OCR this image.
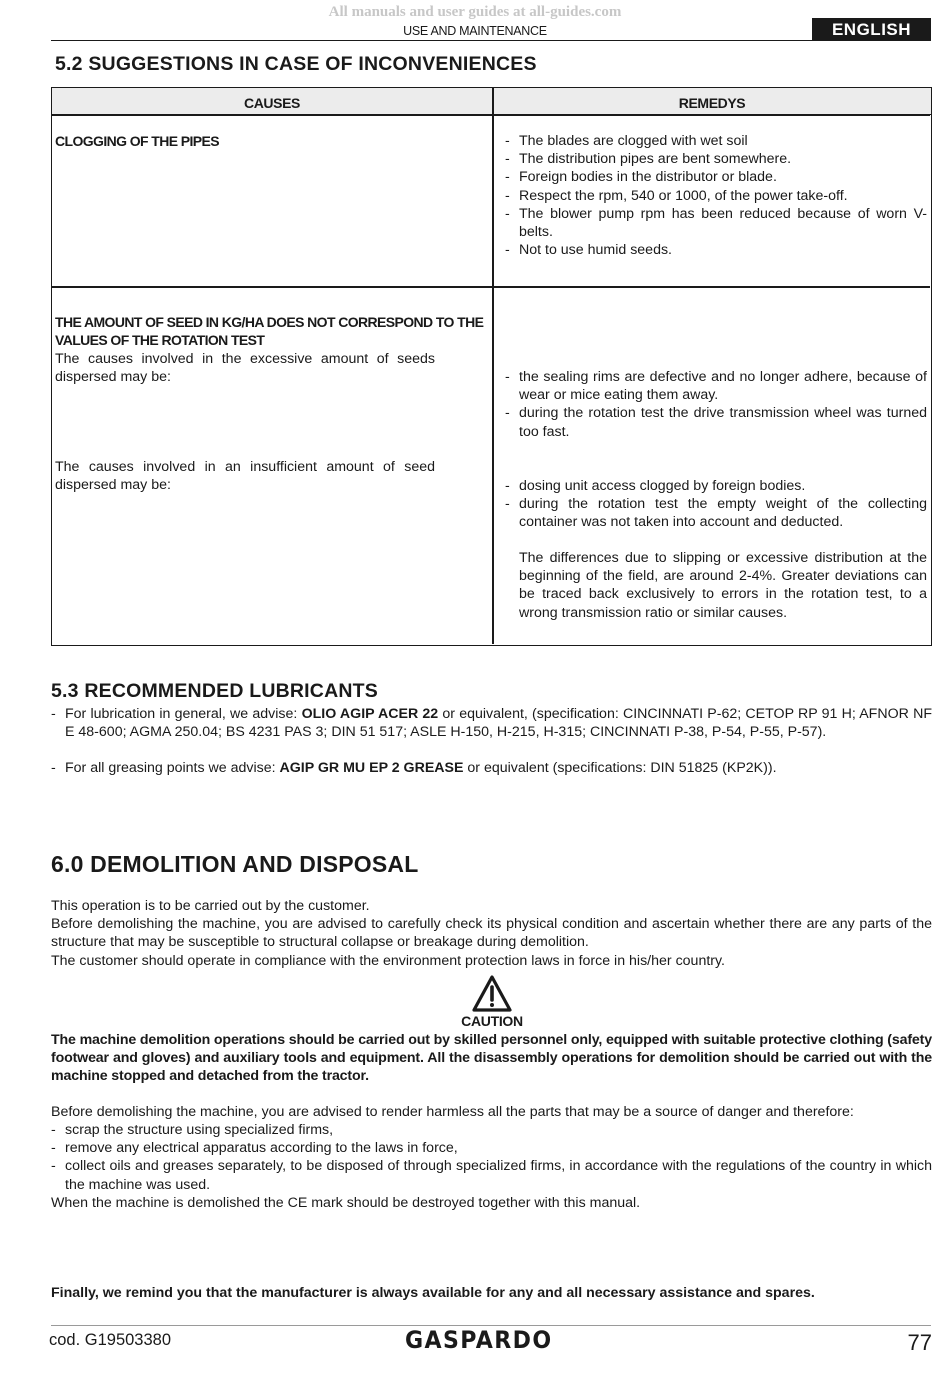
All manuals and user guides at all-guides.com
USE AND MAINTENANCE	ENGLISH
5.2 SUGGESTIONS IN CASE OF INCONVENIENCES
CAUSES	REMEDYS
CLOGGING OF THE PIPES
-	The blades are clogged with wet soil
- The distribution pipes are bent somewhere.
- Foreign bodies in the distributor or blade.
- Respect the rpm, 540 or 1000, of the power take-off.
- The blower pump rpm has been reduced because of worn V-belts.
- Not to use humid seeds.
THE AMOUNT OF SEED IN KG/HA DOES NOT CORRESPOND TO THE VALUES OF THE ROTATION TEST
The causes involved in the excessive amount of seeds dispersed may be:
The causes involved in an insufficient amount of seed dispersed may be:
- the sealing rims are defective and no longer adhere, because of wear or mice eating them away.
- during the rotation test the drive transmission wheel was turned too fast.
- dosing unit access clogged by foreign bodies.
- during the rotation test the empty weight of the collecting container was not taken into account and deducted.
The differences due to slipping or excessive distribution at the beginning of the field, are around 2-4%. Greater deviations can be traced back exclusively to errors in the rotation test, to a wrong transmission ratio or similar causes.
5.3 RECOMMENDED LUBRICANTS
- For lubrication in general, we advise: OLIO AGIP ACER 22 or equivalent, (specification: CINCINNATI P-62; CETOP RP 91 H; AFNOR NF E 48-600; AGMA 250.04; BS 4231 PAS 3; DIN 51 517; ASLE H-150, H-215, H-315; CINCINNATI P-38, P-54, P-55, P-57).
- For all greasing points we advise: AGIP GR MU EP 2 GREASE or equivalent (specifications: DIN 51825 (KP2K)).
6.0 DEMOLITION AND DISPOSAL
This operation is to be carried out by the customer.
Before demolishing the machine, you are advised to carefully check its physical condition and ascertain whether there are any parts of the structure that may be susceptible to structural collapse or breakage during demolition.
The customer should operate in compliance with the environment protection laws in force in his/her country.
CAUTION
The machine demolition operations should be carried out by skilled personnel only, equipped with suitable protective clothing (safety footwear and gloves) and auxiliary tools and equipment. All the disassembly operations for demolition should be carried out with the machine stopped and detached from the tractor.
Before demolishing the machine, you are advised to render harmless all the parts that may be a source of danger and therefore:
- scrap the structure using specialized firms,
- remove any electrical apparatus according to the laws in force,
- collect oils and greases separately, to be disposed of through specialized firms, in accordance with the regulations of the country in which the machine was used.
When the machine is demolished the CE mark should be destroyed together with this manual.
Finally, we remind you that the manufacturer is always available for any and all necessary assistance and spares.
cod. G19503380	GASPARDO	77
